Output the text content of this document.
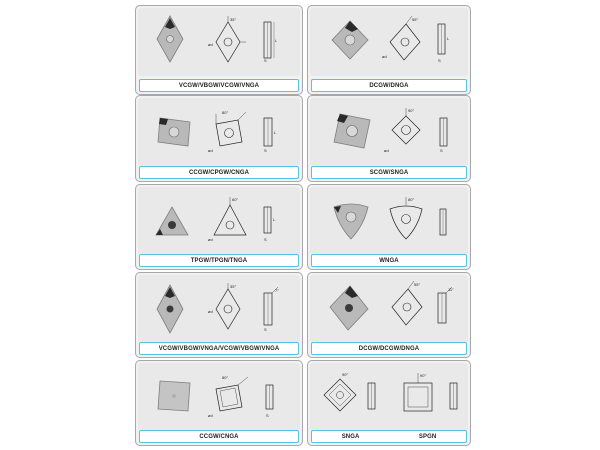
35°
ød
L
S
VCGW/VBGW/VCGW/VNGA
80°
ød
L
S
CCGW/CPGW/CNGA
60°
ød
L
S
TPGW/TPGN/TNGA
35°
ød
7°
S
VCGW/VBGW/VNGA/VCGW/VBGW/VNGA
80°
ød	S
CCGW/CNGA
55°
ød
L
S
DCGW/DNGA
90°
ød	S
SCGW/SNGA
80°
WNGA
55°
11°
DCGW/DCGW/DNGA
90°	90°
SNGA	SPGN
